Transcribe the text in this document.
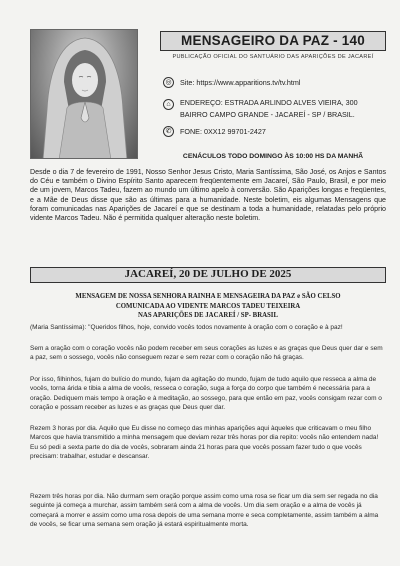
MENSAGEIRO DA PAZ - 140
PUBLICAÇÃO OFICIAL DO SANTUÁRIO DAS APARIÇÕES DE JACAREÍ
◎	Site: https://www.apparitions.tv/tv.html
⌂	ENDEREÇO: ESTRADA ARLINDO ALVES VIEIRA, 300
BAIRRO CAMPO GRANDE - JACAREÍ - SP / BRASIL.
✆	FONE: 0XX12 99701-2427
CENÁCULOS TODO DOMINGO ÀS 10:00 HS DA MANHÃ

Desde o dia 7 de fevereiro de 1991, Nosso Senhor Jesus Cristo, Maria Santíssima, São José, os Anjos e Santos do Céu e também o Divino Espírito Santo aparecem freqüentemente em Jacareí, São Paulo, Brasil, e por meio de um jovem, Marcos Tadeu, fazem ao mundo um último apelo à conversão. São Aparições longas e freqüentes, e a Mãe de Deus disse que são as últimas para a humanidade. Neste boletim, eis algumas Mensagens que foram comunicadas nas Aparições de Jacareí e que se destinam a toda a humanidade, relatadas pelo próprio vidente Marcos Tadeu. Não é permitida qualquer alteração neste boletim.

JACAREÍ, 20 DE JULHO DE 2025
MENSAGEM DE NOSSA SENHORA RAINHA E MENSAGEIRA DA PAZ e SÃO CELSO
COMUNICADA AO VIDENTE MARCOS TADEU TEIXEIRA
NAS APARIÇÕES DE JACAREÍ / SP- BRASIL

(Maria Santíssima): "Queridos filhos, hoje, convido vocês todos novamente à oração com o coração e à paz!

Sem a oração com o coração vocês não podem receber em seus corações as luzes e as graças que Deus quer dar e sem a paz, sem o sossego, vocês não conseguem rezar e sem rezar com o coração não há graças.

Por isso, filhinhos, fujam do bulício do mundo, fujam da agitação do mundo, fujam de tudo aquilo que resseca a alma de vocês, torna árida e tibia a alma de vocês, resseca o coração, suga a força do corpo que também é necessária para a oração. Dediquem mais tempo à oração e à meditação, ao sossego, para que então em paz, vocês consigam rezar com o coração e possam receber as luzes e as graças que Deus quer dar.

Rezem 3 horas por dia. Aquilo que Eu disse no começo das minhas aparições aqui àqueles que criticavam o meu filho Marcos que havia transmitido a minha mensagem que deviam rezar três horas por dia repito: vocês não entendem nada! Eu só pedi a sexta parte do dia de vocês, sobraram ainda 21 horas para que vocês possam fazer tudo o que vocês precisam: trabalhar, estudar e descansar.

Rezem três horas por dia. Não durmam sem oração porque assim como uma rosa se ficar um dia sem ser regada no dia seguinte já começa a murchar, assim também será com a alma de vocês. Um dia sem oração e a alma de vocês já começará a morrer e assim como uma rosa depois de uma semana morre e seca completamente, assim também a alma de vocês, se ficar uma semana sem oração já estará espiritualmente morta.
